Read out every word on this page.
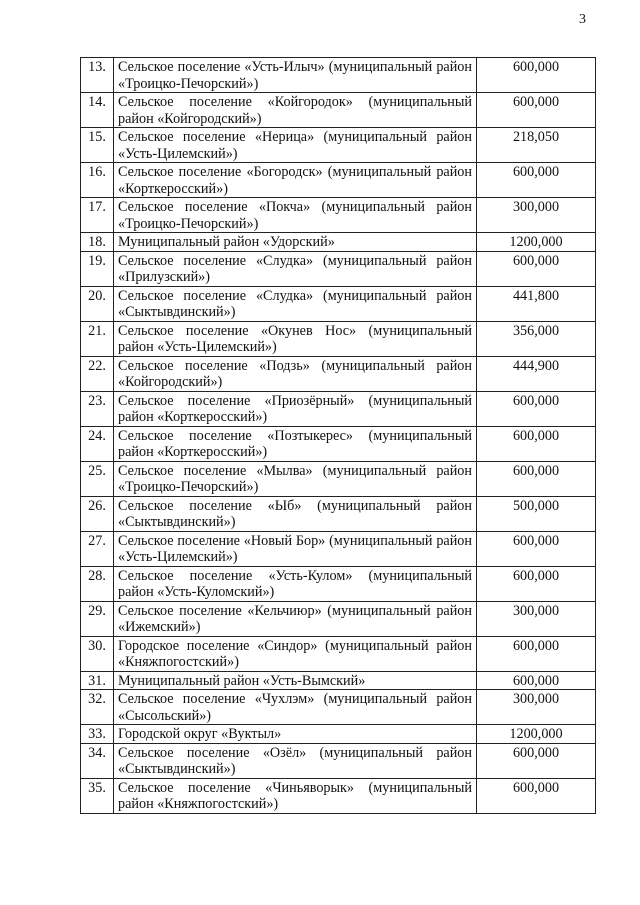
3
13.	Сельское поселение «Усть-Илыч» (муниципальный район «Троицко-Печорский»)	600,000
14.	Сельское поселение «Койгородок» (муниципальный район «Койгородский»)	600,000
15.	Сельское поселение «Нерица» (муниципальный район «Усть-Цилемский»)	218,050
16.	Сельское поселение «Богородск» (муниципальный район «Корткеросский»)	600,000
17.	Сельское поселение «Покча» (муниципальный район «Троицко-Печорский»)	300,000
18.	Муниципальный район «Удорский»	1200,000
19.	Сельское поселение «Слудка» (муниципальный район «Прилузский»)	600,000
20.	Сельское поселение «Слудка» (муниципальный район «Сыктывдинский»)	441,800
21.	Сельское поселение «Окунев Нос» (муниципальный район «Усть-Цилемский»)	356,000
22.	Сельское поселение «Подзь» (муниципальный район «Койгородский»)	444,900
23.	Сельское поселение «Приозёрный» (муниципальный район «Корткеросский»)	600,000
24.	Сельское поселение «Позтыкерес» (муниципальный район «Корткеросский»)	600,000
25.	Сельское поселение «Мылва» (муниципальный район «Троицко-Печорский»)	600,000
26.	Сельское поселение «Ыб» (муниципальный район «Сыктывдинский»)	500,000
27.	Сельское поселение «Новый Бор» (муниципальный район «Усть-Цилемский»)	600,000
28.	Сельское поселение «Усть-Кулом» (муниципальный район «Усть-Куломский»)	600,000
29.	Сельское поселение «Кельчиюр» (муниципальный район «Ижемский»)	300,000
30.	Городское поселение «Синдор» (муниципальный район «Княжпогостский»)	600,000
31.	Муниципальный район «Усть-Вымский»	600,000
32.	Сельское поселение «Чухлэм» (муниципальный район «Сысольский»)	300,000
33.	Городской округ «Вуктыл»	1200,000
34.	Сельское поселение «Озёл» (муниципальный район «Сыктывдинский»)	600,000
35.	Сельское поселение «Чиньяворык» (муниципальный район «Княжпогостский»)	600,000
